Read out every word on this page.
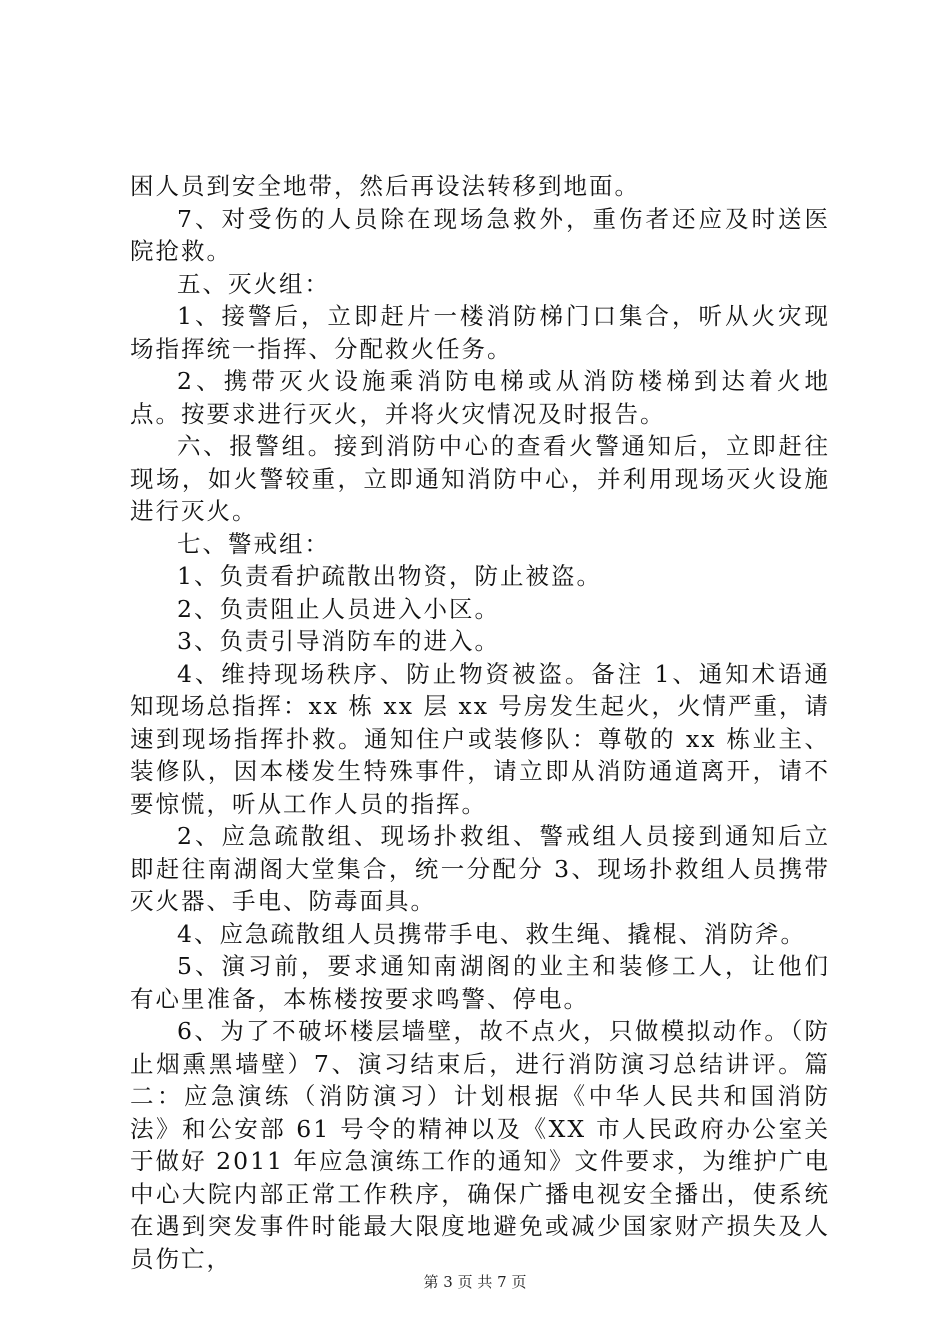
困人员到安全地带，然后再设法转移到地面。

7、对受伤的人员除在现场急救外，重伤者还应及时送医院抢救。

五、灭火组：

1、接警后，立即赶片一楼消防梯门口集合，听从火灾现场指挥统一指挥、分配救火任务。

2、携带灭火设施乘消防电梯或从消防楼梯到达着火地点。按要求进行灭火，并将火灾情况及时报告。

六、报警组。接到消防中心的查看火警通知后，立即赶往现场，如火警较重，立即通知消防中心，并利用现场灭火设施进行灭火。

七、警戒组：

1、负责看护疏散出物资，防止被盗。

2、负责阻止人员进入小区。

3、负责引导消防车的进入。

4、维持现场秩序、防止物资被盗。备注 1、通知术语通知现场总指挥：xx 栋 xx 层 xx 号房发生起火，火情严重，请速到现场指挥扑救。通知住户或装修队：尊敬的 xx 栋业主、装修队，因本楼发生特殊事件，请立即从消防通道离开，请不要惊慌，听从工作人员的指挥。

2、应急疏散组、现场扑救组、警戒组人员接到通知后立即赶往南湖阁大堂集合，统一分配分 3、现场扑救组人员携带灭火器、手电、防毒面具。

4、应急疏散组人员携带手电、救生绳、撬棍、消防斧。

5、演习前，要求通知南湖阁的业主和装修工人，让他们有心里准备，本栋楼按要求鸣警、停电。

6、为了不破坏楼层墙壁，故不点火，只做模拟动作。（防止烟熏黑墙壁）7、演习结束后，进行消防演习总结讲评。篇二：应急演练（消防演习）计划根据《中华人民共和国消防法》和公安部 61 号令的精神以及《XX 市人民政府办公室关于做好 2011 年应急演练工作的通知》文件要求，为维护广电中心大院内部正常工作秩序，确保广播电视安全播出，使系统在遇到突发事件时能最大限度地避免或减少国家财产损失及人员伤亡，

第 3 页 共 7 页
